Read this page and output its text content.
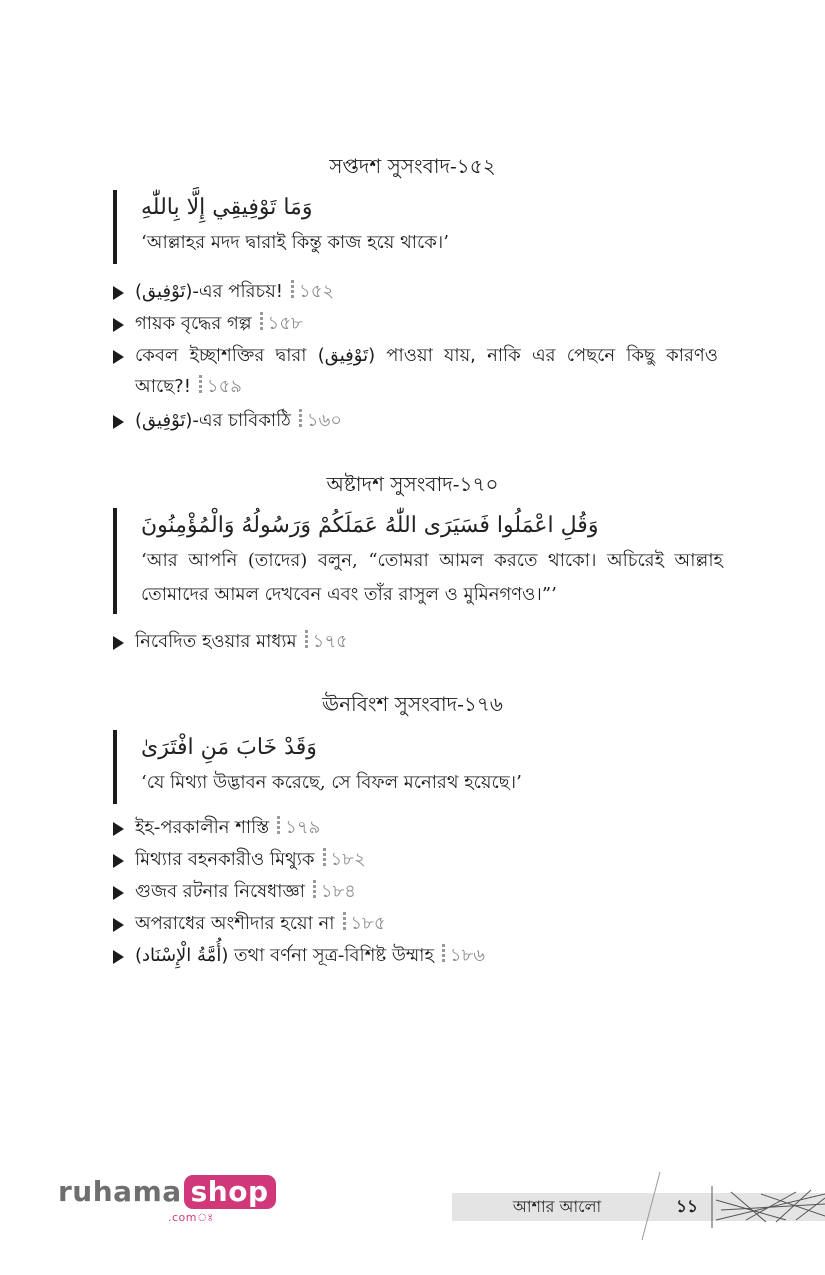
সপ্তদশ সুসংবাদ-১৫২
وَمَا تَوْفِيقِي إِلَّا بِاللّٰهِ
‘আল্লাহর মদদ দ্বারাই কিন্তু কাজ হয়ে থাকে।’
(تَوْفِيق)-এর পরিচয়! ১৫২
গায়ক বৃদ্ধের গল্প ১৫৮
কেবল ইচ্ছাশক্তির দ্বারা (تَوْفِيق) পাওয়া যায়, নাকি এর পেছনে কিছু কারণও আছে?! ১৫৯
(تَوْفِيق)-এর চাবিকাঠি ১৬০
অষ্টাদশ সুসংবাদ-১৭০
وَقُلِ اعْمَلُوا فَسَيَرَى اللّٰهُ عَمَلَكُمْ وَرَسُولُهُ وَالْمُؤْمِنُونَ
‘আর আপনি (তাদের) বলুন, “তোমরা আমল করতে থাকো। অচিরেই আল্লাহ তোমাদের আমল দেখবেন এবং তাঁর রাসুল ও মুমিনগণও।”’
নিবেদিত হওয়ার মাধ্যম ১৭৫
ঊনবিংশ সুসংবাদ-১৭৬
وَقَدْ خَابَ مَنِ افْتَرَىٰ
‘যে মিথ্যা উদ্ভাবন করেছে, সে বিফল মনোরথ হয়েছে।’
ইহ-পরকালীন শাস্তি ১৭৯
মিথ্যার বহনকারীও মিথ্যুক ১৮২
গুজব রটনার নিষেধাজ্ঞা ১৮৪
অপরাধের অংশীদার হয়ো না ১৮৫
(أُمَّةُ الْإِسْنَاد) তথা বর্ণনা সূত্র-বিশিষ্ট উম্মাহ ১৮৬
ruhama shop
.comঃ
আশার আলো	১১
